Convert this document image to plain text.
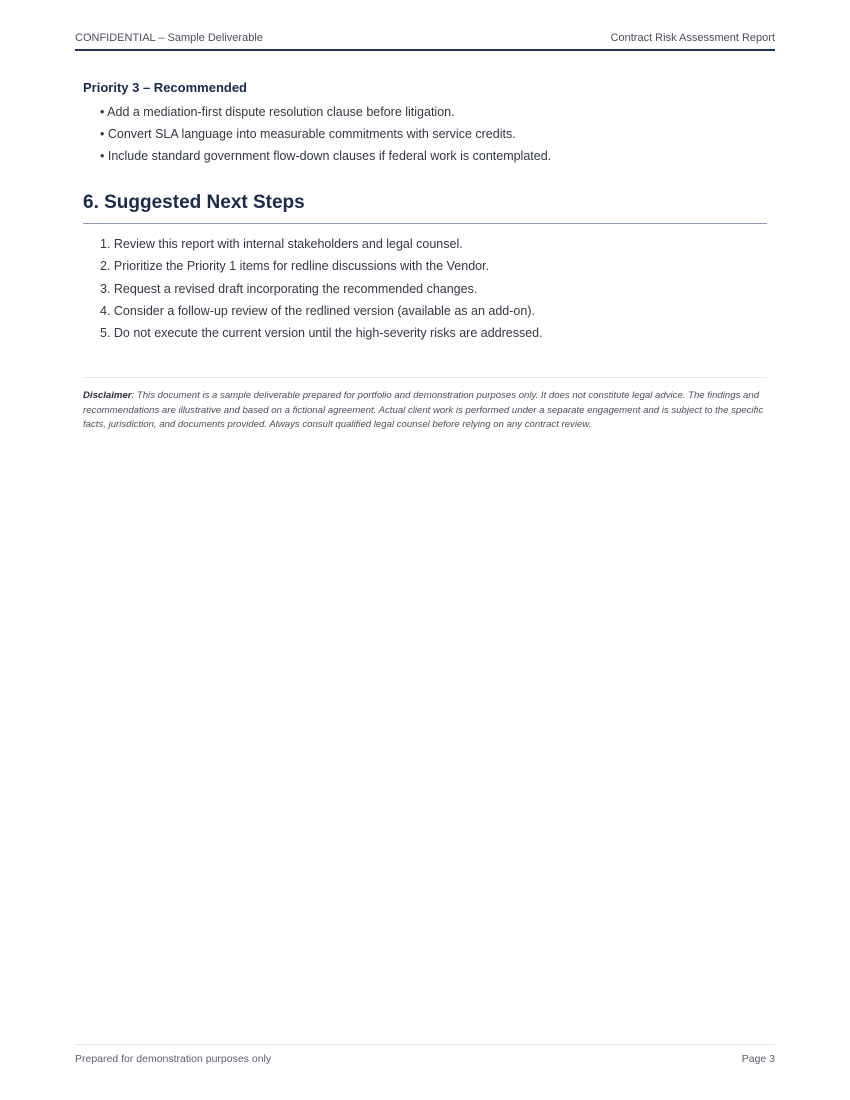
CONFIDENTIAL – Sample Deliverable	Contract Risk Assessment Report
Priority 3 – Recommended
• Add a mediation-first dispute resolution clause before litigation.
• Convert SLA language into measurable commitments with service credits.
• Include standard government flow-down clauses if federal work is contemplated.
6. Suggested Next Steps
1. Review this report with internal stakeholders and legal counsel.
2. Prioritize the Priority 1 items for redline discussions with the Vendor.
3. Request a revised draft incorporating the recommended changes.
4. Consider a follow-up review of the redlined version (available as an add-on).
5. Do not execute the current version until the high-severity risks are addressed.
Disclaimer: This document is a sample deliverable prepared for portfolio and demonstration purposes only. It does not constitute legal advice. The findings and recommendations are illustrative and based on a fictional agreement. Actual client work is performed under a separate engagement and is subject to the specific facts, jurisdiction, and documents provided. Always consult qualified legal counsel before relying on any contract review.
Prepared for demonstration purposes only	Page 3
